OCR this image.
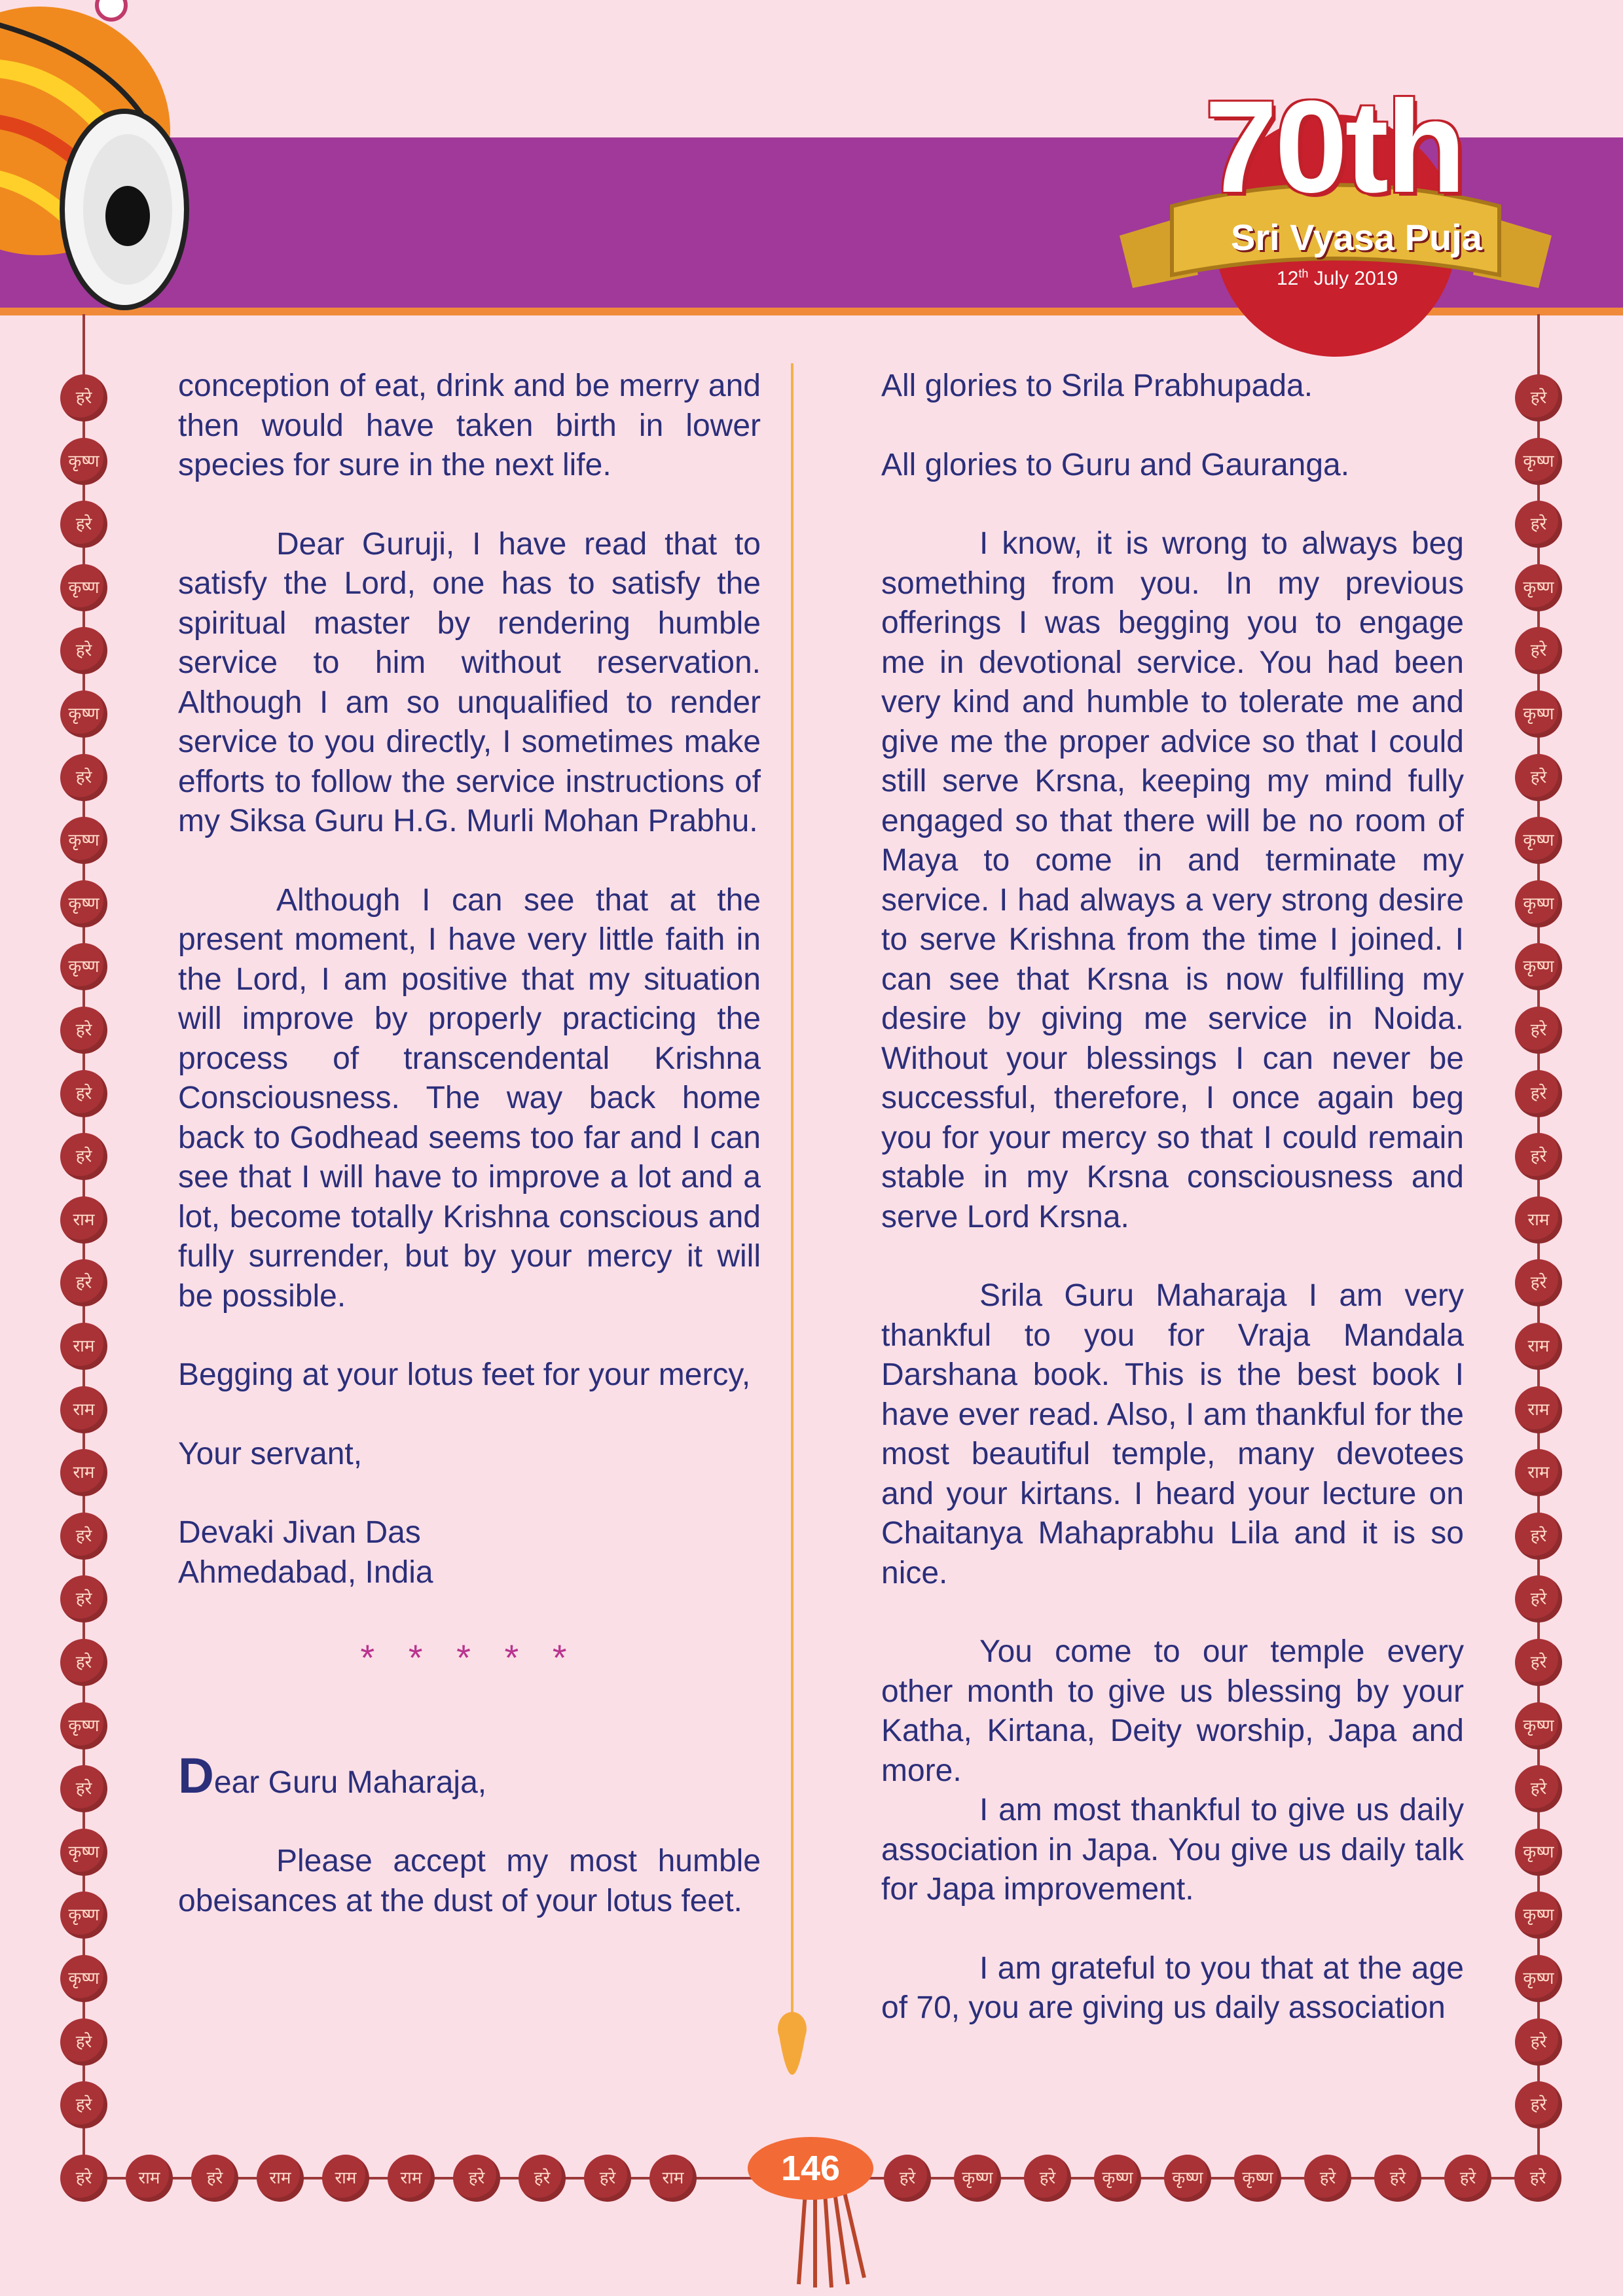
70th
Sri Vyasa Puja
12th July 2019
हरे
कृष्ण
हरे
कृष्ण
हरे
कृष्ण
हरे
कृष्ण
कृष्ण
कृष्ण
हरे
हरे
हरे
राम
हरे
राम
राम
राम
हरे
हरे
हरे
कृष्ण
हरे
कृष्ण
कृष्ण
कृष्ण
हरे
हरे
हरे
कृष्ण
हरे
कृष्ण
हरे
कृष्ण
हरे
कृष्ण
कृष्ण
कृष्ण
हरे
हरे
हरे
राम
हरे
राम
राम
राम
हरे
हरे
हरे
कृष्ण
हरे
कृष्ण
कृष्ण
कृष्ण
हरे
हरे
हरे	राम	हरे	राम	राम	राम	हरे	हरे	हरे	राम	हरे	कृष्ण	हरे	कृष्ण	कृष्ण	कृष्ण	हरे	हरे	हरे	हरे

conception of eat, drink and be merry and then would have taken birth in lower species for sure in the next life.

Dear Guruji, I have read that to satisfy the Lord, one has to satisfy the spiritual master by rendering humble service to him without reservation. Although I am so unqualified to render service to you directly, I sometimes make efforts to follow the service instructions of my Siksa Guru H.G. Murli Mohan Prabhu.

Although I can see that at the present moment, I have very little faith in the Lord, I am positive that my situation will improve by properly practicing the process of transcendental Krishna Consciousness. The way back home back to Godhead seems too far and I can see that I will have to improve a lot and a lot, become totally Krishna conscious and fully surrender, but by your mercy it will be possible.

Begging at your lotus feet for your mercy,

Your servant,

Devaki Jivan Das

Ahmedabad, India

* * * * *

Dear Guru Maharaja,

Please accept my most humble obeisances at the dust of your lotus feet.

All glories to Srila Prabhupada.

All glories to Guru and Gauranga.

I know, it is wrong to always beg something from you. In my previous offerings I was begging you to engage me in devotional service. You had been very kind and humble to tolerate me and give me the proper advice so that I could still serve Krsna, keeping my mind fully engaged so that there will be no room of Maya to come in and terminate my service. I had always a very strong desire to serve Krishna from the time I joined. I can see that Krsna is now fulfilling my desire by giving me service in Noida. Without your blessings I can never be successful, therefore, I once again beg you for your mercy so that I could remain stable in my Krsna consciousness and serve Lord Krsna.

Srila Guru Maharaja I am very thankful to you for Vraja Mandala Darshana book. This is the best book I have ever read. Also, I am thankful for the most beautiful temple, many devotees and your kirtans. I heard your lecture on Chaitanya Mahaprabhu Lila and it is so nice.

You come to our temple every other month to give us blessing by your Katha, Kirtana, Deity worship, Japa and more.

I am most thankful to give us daily association in Japa. You give us daily talk for Japa improvement.

I am grateful to you that at the age of 70, you are giving us daily association

146
